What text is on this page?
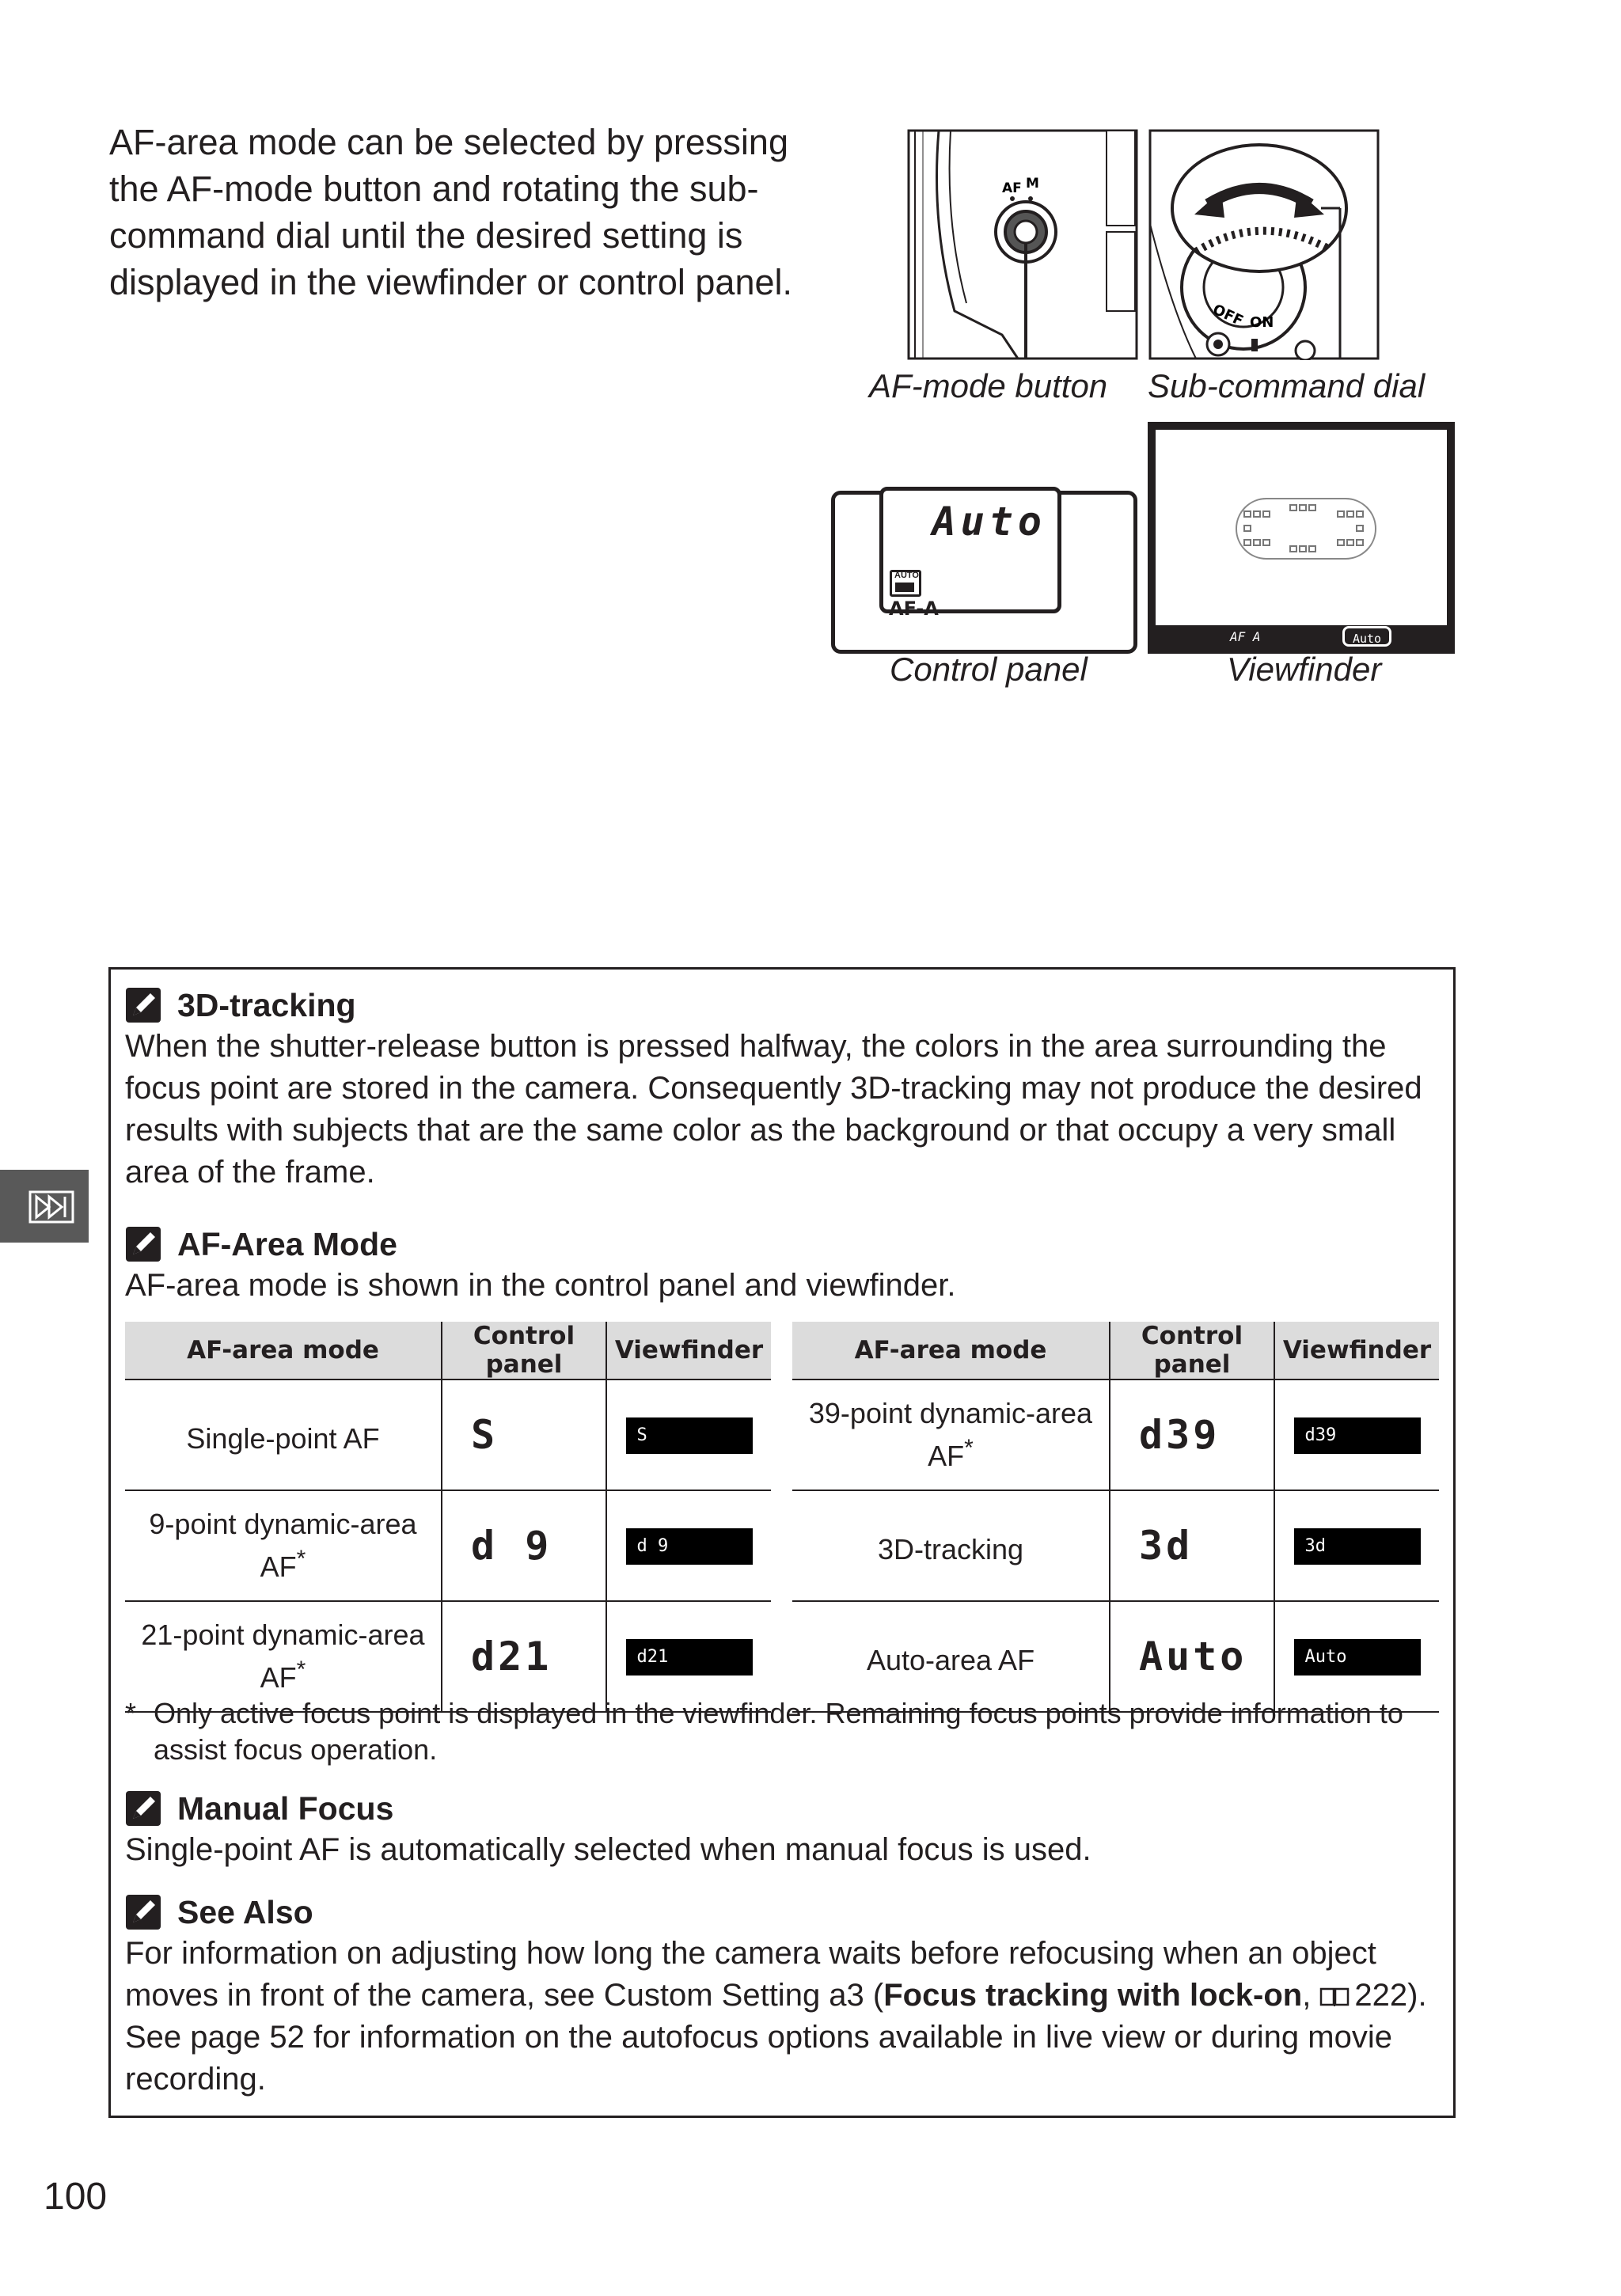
AF-area mode can be selected by pressing the AF-mode button and rotating the sub-command dial until the desired setting is displayed in the viewfinder or control panel.
AF M
OFF ON
AF-mode button Sub-command dial
Auto
AUTO
AF-A
AF A	Auto
Control panel	Viewfinder
3D-tracking
When the shutter-release button is pressed halfway, the colors in the area surrounding the focus point are stored in the camera. Consequently 3D-tracking may not produce the desired results with subjects that are the same color as the background or that occupy a very small area of the frame.
AF-Area Mode
AF-area mode is shown in the control panel and viewfinder.
AF-area mode	Control panel	Viewfinder
Single-point AF	S	S
9-point dynamic-area AF*	d 9	d 9
21-point dynamic-area AF*	d21	d21
AF-area mode	Control panel	Viewfinder
39-point dynamic-area AF*	d39	d39
3D-tracking	3d	3d
Auto-area AF	Auto	Auto
* Only active focus point is displayed in the viewfinder. Remaining focus points provide information to assist focus operation.
Manual Focus
Single-point AF is automatically selected when manual focus is used.
See Also
For information on adjusting how long the camera waits before refocusing when an object moves in front of the camera, see Custom Setting a3 (Focus tracking with lock-on, 222). See page 52 for information on the autofocus options available in live view or during movie recording.
100
